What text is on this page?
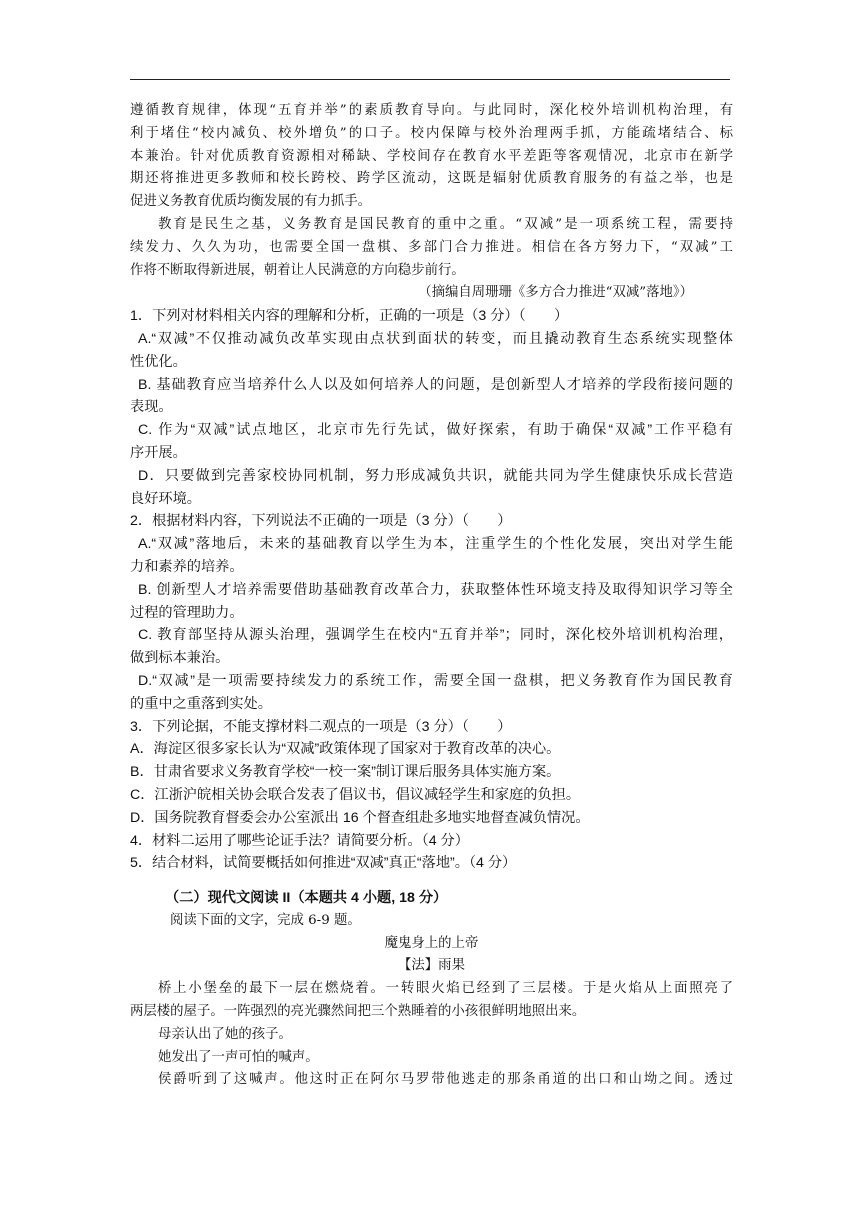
遵循教育规律，体现“五育并举”的素质教育导向。与此同时，深化校外培训机构治理，有
利于堵住“校内减负、校外增负”的口子。校内保障与校外治理两手抓，方能疏堵结合、标
本兼治。针对优质教育资源相对稀缺、学校间存在教育水平差距等客观情况，北京市在新学
期还将推进更多教师和校长跨校、跨学区流动，这既是辐射优质教育服务的有益之举，也是
促进义务教育优质均衡发展的有力抓手。
教育是民生之基，义务教育是国民教育的重中之重。“双减”是一项系统工程，需要持
续发力、久久为功，也需要全国一盘棋、多部门合力推进。相信在各方努力下，“双减”工
作将不断取得新进展，朝着让人民满意的方向稳步前行。
（摘编自周珊珊《多方合力推进“双减”落地》）
1．下列对材料相关内容的理解和分析，正确的一项是（3 分）（　　）
A.“双减”不仅推动减负改革实现由点状到面状的转变，而且撬动教育生态系统实现整体
性优化。
B. 基础教育应当培养什么人以及如何培养人的问题，是创新型人才培养的学段衔接问题的
表现。
C. 作为“双减”试点地区，北京市先行先试，做好探索，有助于确保“双减”工作平稳有
序开展。
D．只要做到完善家校协同机制，努力形成减负共识，就能共同为学生健康快乐成长营造
良好环境。
2．根据材料内容，下列说法不正确的一项是（3 分）（　　）
A.“双减”落地后，未来的基础教育以学生为本，注重学生的个性化发展，突出对学生能
力和素养的培养。
B. 创新型人才培养需要借助基础教育改革合力，获取整体性环境支持及取得知识学习等全
过程的管理助力。
C. 教育部坚持从源头治理，强调学生在校内“五育并举”；同时，深化校外培训机构治理，
做到标本兼治。
D.“双减”是一项需要持续发力的系统工作，需要全国一盘棋，把义务教育作为国民教育
的重中之重落到实处。
3．下列论据，不能支撑材料二观点的一项是（3 分）（　　）
A．海淀区很多家长认为“双减”政策体现了国家对于教育改革的决心。
B．甘肃省要求义务教育学校“一校一案”制订课后服务具体实施方案。
C．江浙沪皖相关协会联合发表了倡议书，倡议减轻学生和家庭的负担。
D．国务院教育督委会办公室派出 16 个督查组赴多地实地督查减负情况。
4．材料二运用了哪些论证手法？请简要分析。（4 分）
5．结合材料，试简要概括如何推进“双减”真正“落地”。（4 分）
（二）现代文阅读 II（本题共 4 小题, 18 分）
阅读下面的文字，完成 6-9 题。
魔鬼身上的上帝
【法】雨果
桥上小堡垒的最下一层在燃烧着。一转眼火焰已经到了三层楼。于是火焰从上面照亮了
两层楼的屋子。一阵强烈的亮光骤然间把三个熟睡着的小孩很鲜明地照出来。
母亲认出了她的孩子。
她发出了一声可怕的喊声。
侯爵听到了这喊声。他这时正在阿尔马罗带他逃走的那条甬道的出口和山坳之间。透过
